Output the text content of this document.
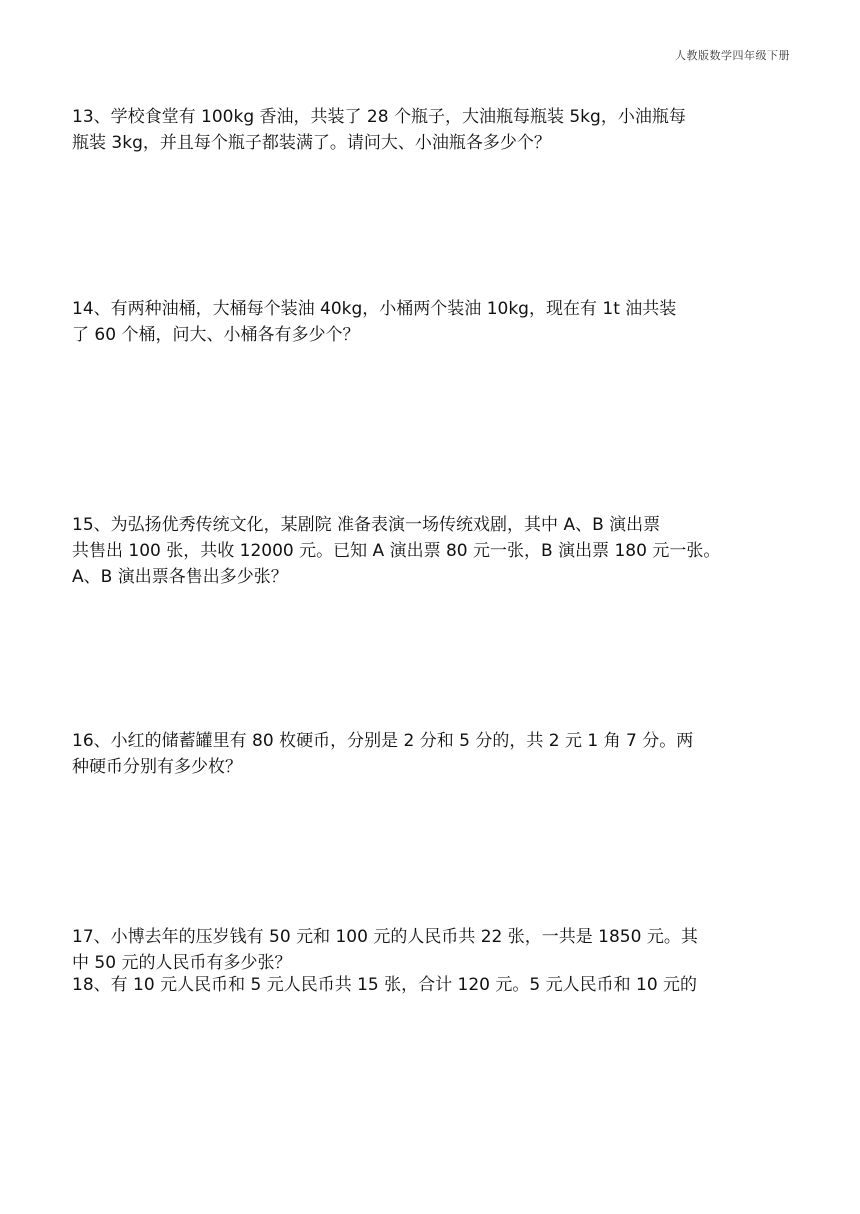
人教版数学四年级下册
13、学校食堂有 100kg 香油，共装了 28 个瓶子，大油瓶每瓶装 5kg，小油瓶每
瓶装 3kg，并且每个瓶子都装满了。请问大、小油瓶各多少个？
14、有两种油桶，大桶每个装油 40kg，小桶两个装油 10kg，现在有 1t 油共装
了 60 个桶，问大、小桶各有多少个？
15、为弘扬优秀传统文化，某剧院 准备表演一场传统戏剧，其中 A、B 演出票
共售出 100 张，共收 12000 元。已知 A 演出票 80 元一张，B 演出票 180 元一张。
A、B 演出票各售出多少张？
16、小红的储蓄罐里有 80 枚硬币，分别是 2 分和 5 分的，共 2 元 1 角 7 分。两
种硬币分别有多少枚？
17、小博去年的压岁钱有 50 元和 100 元的人民币共 22 张，一共是 1850 元。其
中 50 元的人民币有多少张？
18、有 10 元人民币和 5 元人民币共 15 张，合计 120 元。5 元人民币和 10 元的
